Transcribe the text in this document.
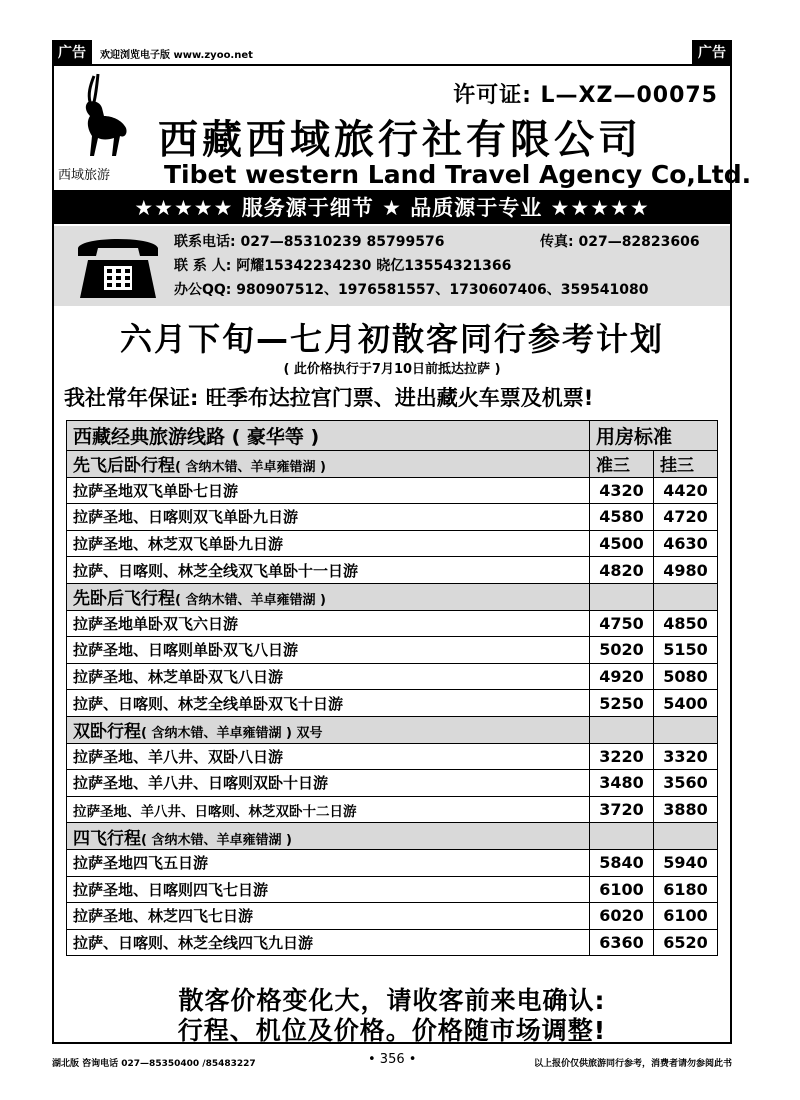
广告	欢迎浏览电子版 www.zyoo.net	广告
西域旅游
许可证: L—XZ—00075
西藏西域旅行社有限公司
Tibet western Land Travel Agency Co,Ltd.
★★★★★ 服务源于细节 ★ 品质源于专业 ★★★★★
联系电话: 027—85310239 85799576
联 系 人: 阿耀15342234230 晓亿13554321366
办公QQ: 980907512、1976581557、1730607406、359541080
传真: 027—82823606
六月下旬—七月初散客同行参考计划
( 此价格执行于7月10日前抵达拉萨 )
我社常年保证: 旺季布达拉宫门票、进出藏火车票及机票!
西藏经典旅游线路 ( 豪华等 )	用房标准	
先飞后卧行程( 含纳木错、羊卓雍错湖 )	准三	挂三
拉萨圣地双飞单卧七日游	4320	4420
拉萨圣地、日喀则双飞单卧九日游	4580	4720
拉萨圣地、林芝双飞单卧九日游	4500	4630
拉萨、日喀则、林芝全线双飞单卧十一日游	4820	4980
先卧后飞行程( 含纳木错、羊卓雍错湖 )		
拉萨圣地单卧双飞六日游	4750	4850
拉萨圣地、日喀则单卧双飞八日游	5020	5150
拉萨圣地、林芝单卧双飞八日游	4920	5080
拉萨、日喀则、林芝全线单卧双飞十日游	5250	5400
双卧行程( 含纳木错、羊卓雍错湖 ) 双号		
拉萨圣地、羊八井、双卧八日游	3220	3320
拉萨圣地、羊八井、日喀则双卧十日游	3480	3560
拉萨圣地、羊八井、日喀则、林芝双卧十二日游	3720	3880
四飞行程( 含纳木错、羊卓雍错湖 )		
拉萨圣地四飞五日游	5840	5940
拉萨圣地、日喀则四飞七日游	6100	6180
拉萨圣地、林芝四飞七日游	6020	6100
拉萨、日喀则、林芝全线四飞九日游	6360	6520
散客价格变化大，请收客前来电确认:
行程、机位及价格。价格随市场调整!
湖北版 咨询电话 027—85350400 /85483227	• 356 •	以上报价仅供旅游同行参考，消费者请勿参阅此书
